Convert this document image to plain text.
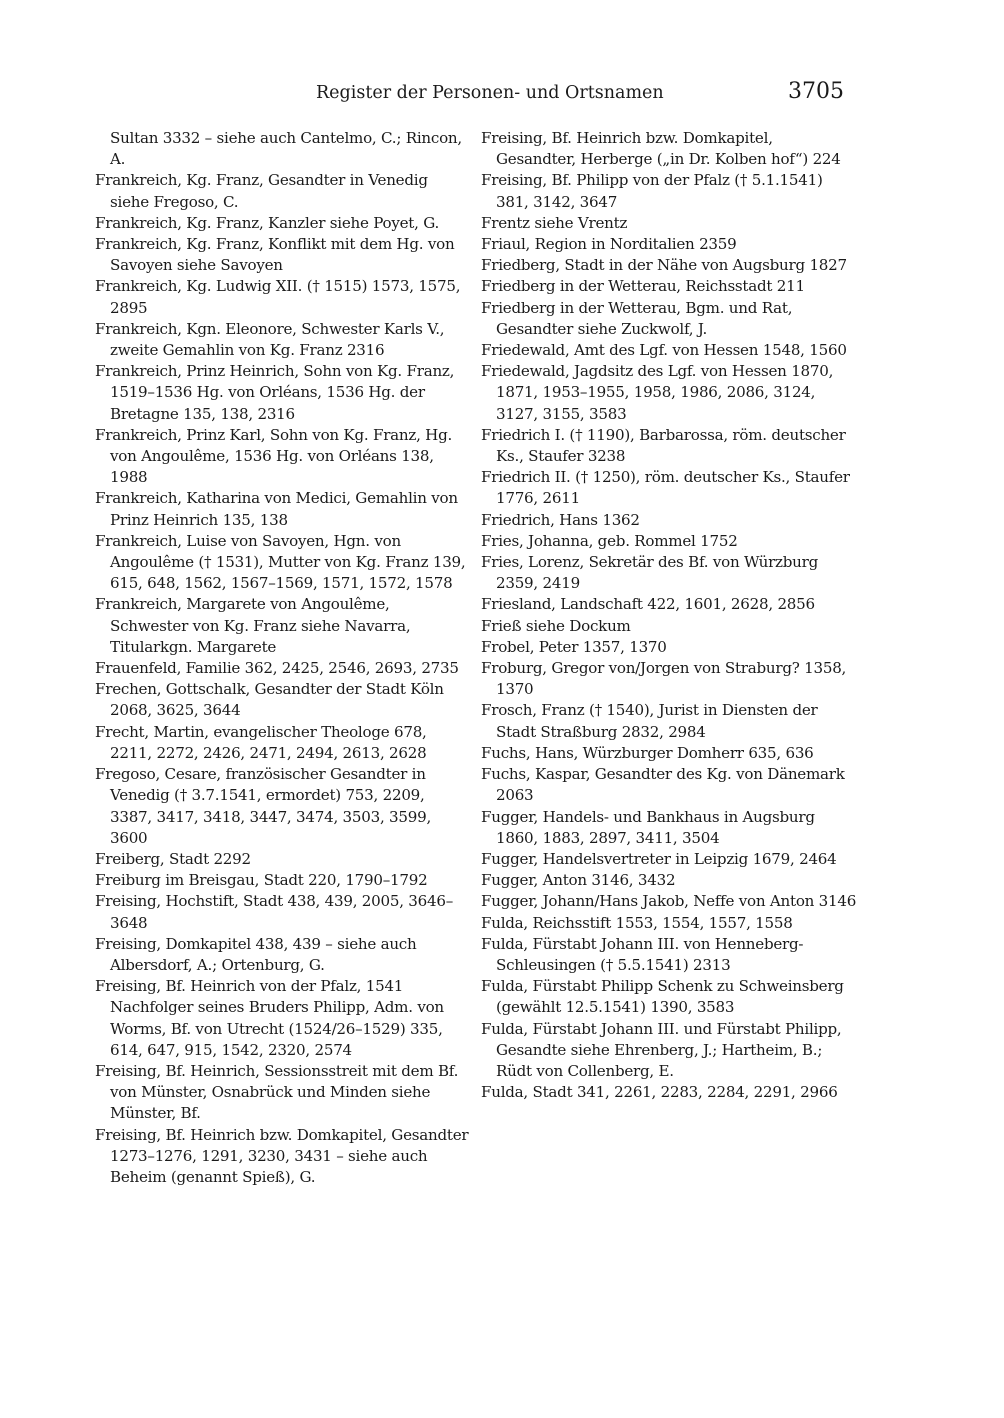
Register der Personen- und Ortsnamen	3705

Sultan 3332 – siehe auch Cantelmo, C.; Rincon, A.

Frankreich, Kg. Franz, Gesandter in Venedig siehe Fregoso, C.

Frankreich, Kg. Franz, Kanzler siehe Poyet, G.

Frankreich, Kg. Franz, Konflikt mit dem Hg. von Savoyen siehe Savoyen

Frankreich, Kg. Ludwig XII. († 1515) 1573, 1575, 2895

Frankreich, Kgn. Eleonore, Schwester Karls V., zweite Gemahlin von Kg. Franz 2316

Frankreich, Prinz Heinrich, Sohn von Kg. Franz, 1519–1536 Hg. von Orléans, 1536 Hg. der Bretagne 135, 138, 2316

Frankreich, Prinz Karl, Sohn von Kg. Franz, Hg. von Angoulême, 1536 Hg. von Orléans 138, 1988

Frankreich, Katharina von Medici, Gemahlin von Prinz Heinrich 135, 138

Frankreich, Luise von Savoyen, Hgn. von Angoulême († 1531), Mutter von Kg. Franz 139, 615, 648, 1562, 1567–1569, 1571, 1572, 1578

Frankreich, Margarete von Angoulême, Schwester von Kg. Franz siehe Navarra, Titularkgn. Margarete

Frauenfeld, Familie 362, 2425, 2546, 2693, 2735

Frechen, Gottschalk, Gesandter der Stadt Köln 2068, 3625, 3644

Frecht, Martin, evangelischer Theologe 678, 2211, 2272, 2426, 2471, 2494, 2613, 2628

Fregoso, Cesare, französischer Gesandter in Venedig († 3.7.1541, ermordet) 753, 2209, 3387, 3417, 3418, 3447, 3474, 3503, 3599, 3600

Freiberg, Stadt 2292

Freiburg im Breisgau, Stadt 220, 1790–1792

Freising, Hochstift, Stadt 438, 439, 2005, 3646–3648

Freising, Domkapitel 438, 439 – siehe auch Albersdorf, A.; Ortenburg, G.

Freising, Bf. Heinrich von der Pfalz, 1541 Nachfolger seines Bruders Philipp, Adm. von Worms, Bf. von Utrecht (1524/26–1529) 335, 614, 647, 915, 1542, 2320, 2574

Freising, Bf. Heinrich, Sessionsstreit mit dem Bf. von Münster, Osnabrück und Minden siehe Münster, Bf.

Freising, Bf. Heinrich bzw. Domkapitel, Gesandter 1273–1276, 1291, 3230, 3431 – siehe auch Beheim (genannt Spieß), G.

Freising, Bf. Heinrich bzw. Domkapitel, Gesandter, Herberge („in Dr. Kolben hof“) 224

Freising, Bf. Philipp von der Pfalz († 5.1.1541) 381, 3142, 3647

Frentz siehe Vrentz

Friaul, Region in Norditalien 2359

Friedberg, Stadt in der Nähe von Augsburg 1827

Friedberg in der Wetterau, Reichsstadt 211

Friedberg in der Wetterau, Bgm. und Rat, Gesandter siehe Zuckwolf, J.

Friedewald, Amt des Lgf. von Hessen 1548, 1560

Friedewald, Jagdsitz des Lgf. von Hessen 1870, 1871, 1953–1955, 1958, 1986, 2086, 3124, 3127, 3155, 3583

Friedrich I. († 1190), Barbarossa, röm. deutscher Ks., Staufer 3238

Friedrich II. († 1250), röm. deutscher Ks., Staufer 1776, 2611

Friedrich, Hans 1362

Fries, Johanna, geb. Rommel 1752

Fries, Lorenz, Sekretär des Bf. von Würzburg 2359, 2419

Friesland, Landschaft 422, 1601, 2628, 2856

Frieß siehe Dockum

Frobel, Peter 1357, 1370

Froburg, Gregor von/Jorgen von Straburg? 1358, 1370

Frosch, Franz († 1540), Jurist in Diensten der Stadt Straßburg 2832, 2984

Fuchs, Hans, Würzburger Domherr 635, 636

Fuchs, Kaspar, Gesandter des Kg. von Dänemark 2063

Fugger, Handels- und Bankhaus in Augsburg 1860, 1883, 2897, 3411, 3504

Fugger, Handelsvertreter in Leipzig 1679, 2464

Fugger, Anton 3146, 3432

Fugger, Johann/Hans Jakob, Neffe von Anton 3146

Fulda, Reichsstift 1553, 1554, 1557, 1558

Fulda, Fürstabt Johann III. von Henneberg-Schleusingen († 5.5.1541) 2313

Fulda, Fürstabt Philipp Schenk zu Schweinsberg (gewählt 12.5.1541) 1390, 3583

Fulda, Fürstabt Johann III. und Fürstabt Philipp, Gesandte siehe Ehrenberg, J.; Hartheim, B.; Rüdt von Collenberg, E.

Fulda, Stadt 341, 2261, 2283, 2284, 2291, 2966
